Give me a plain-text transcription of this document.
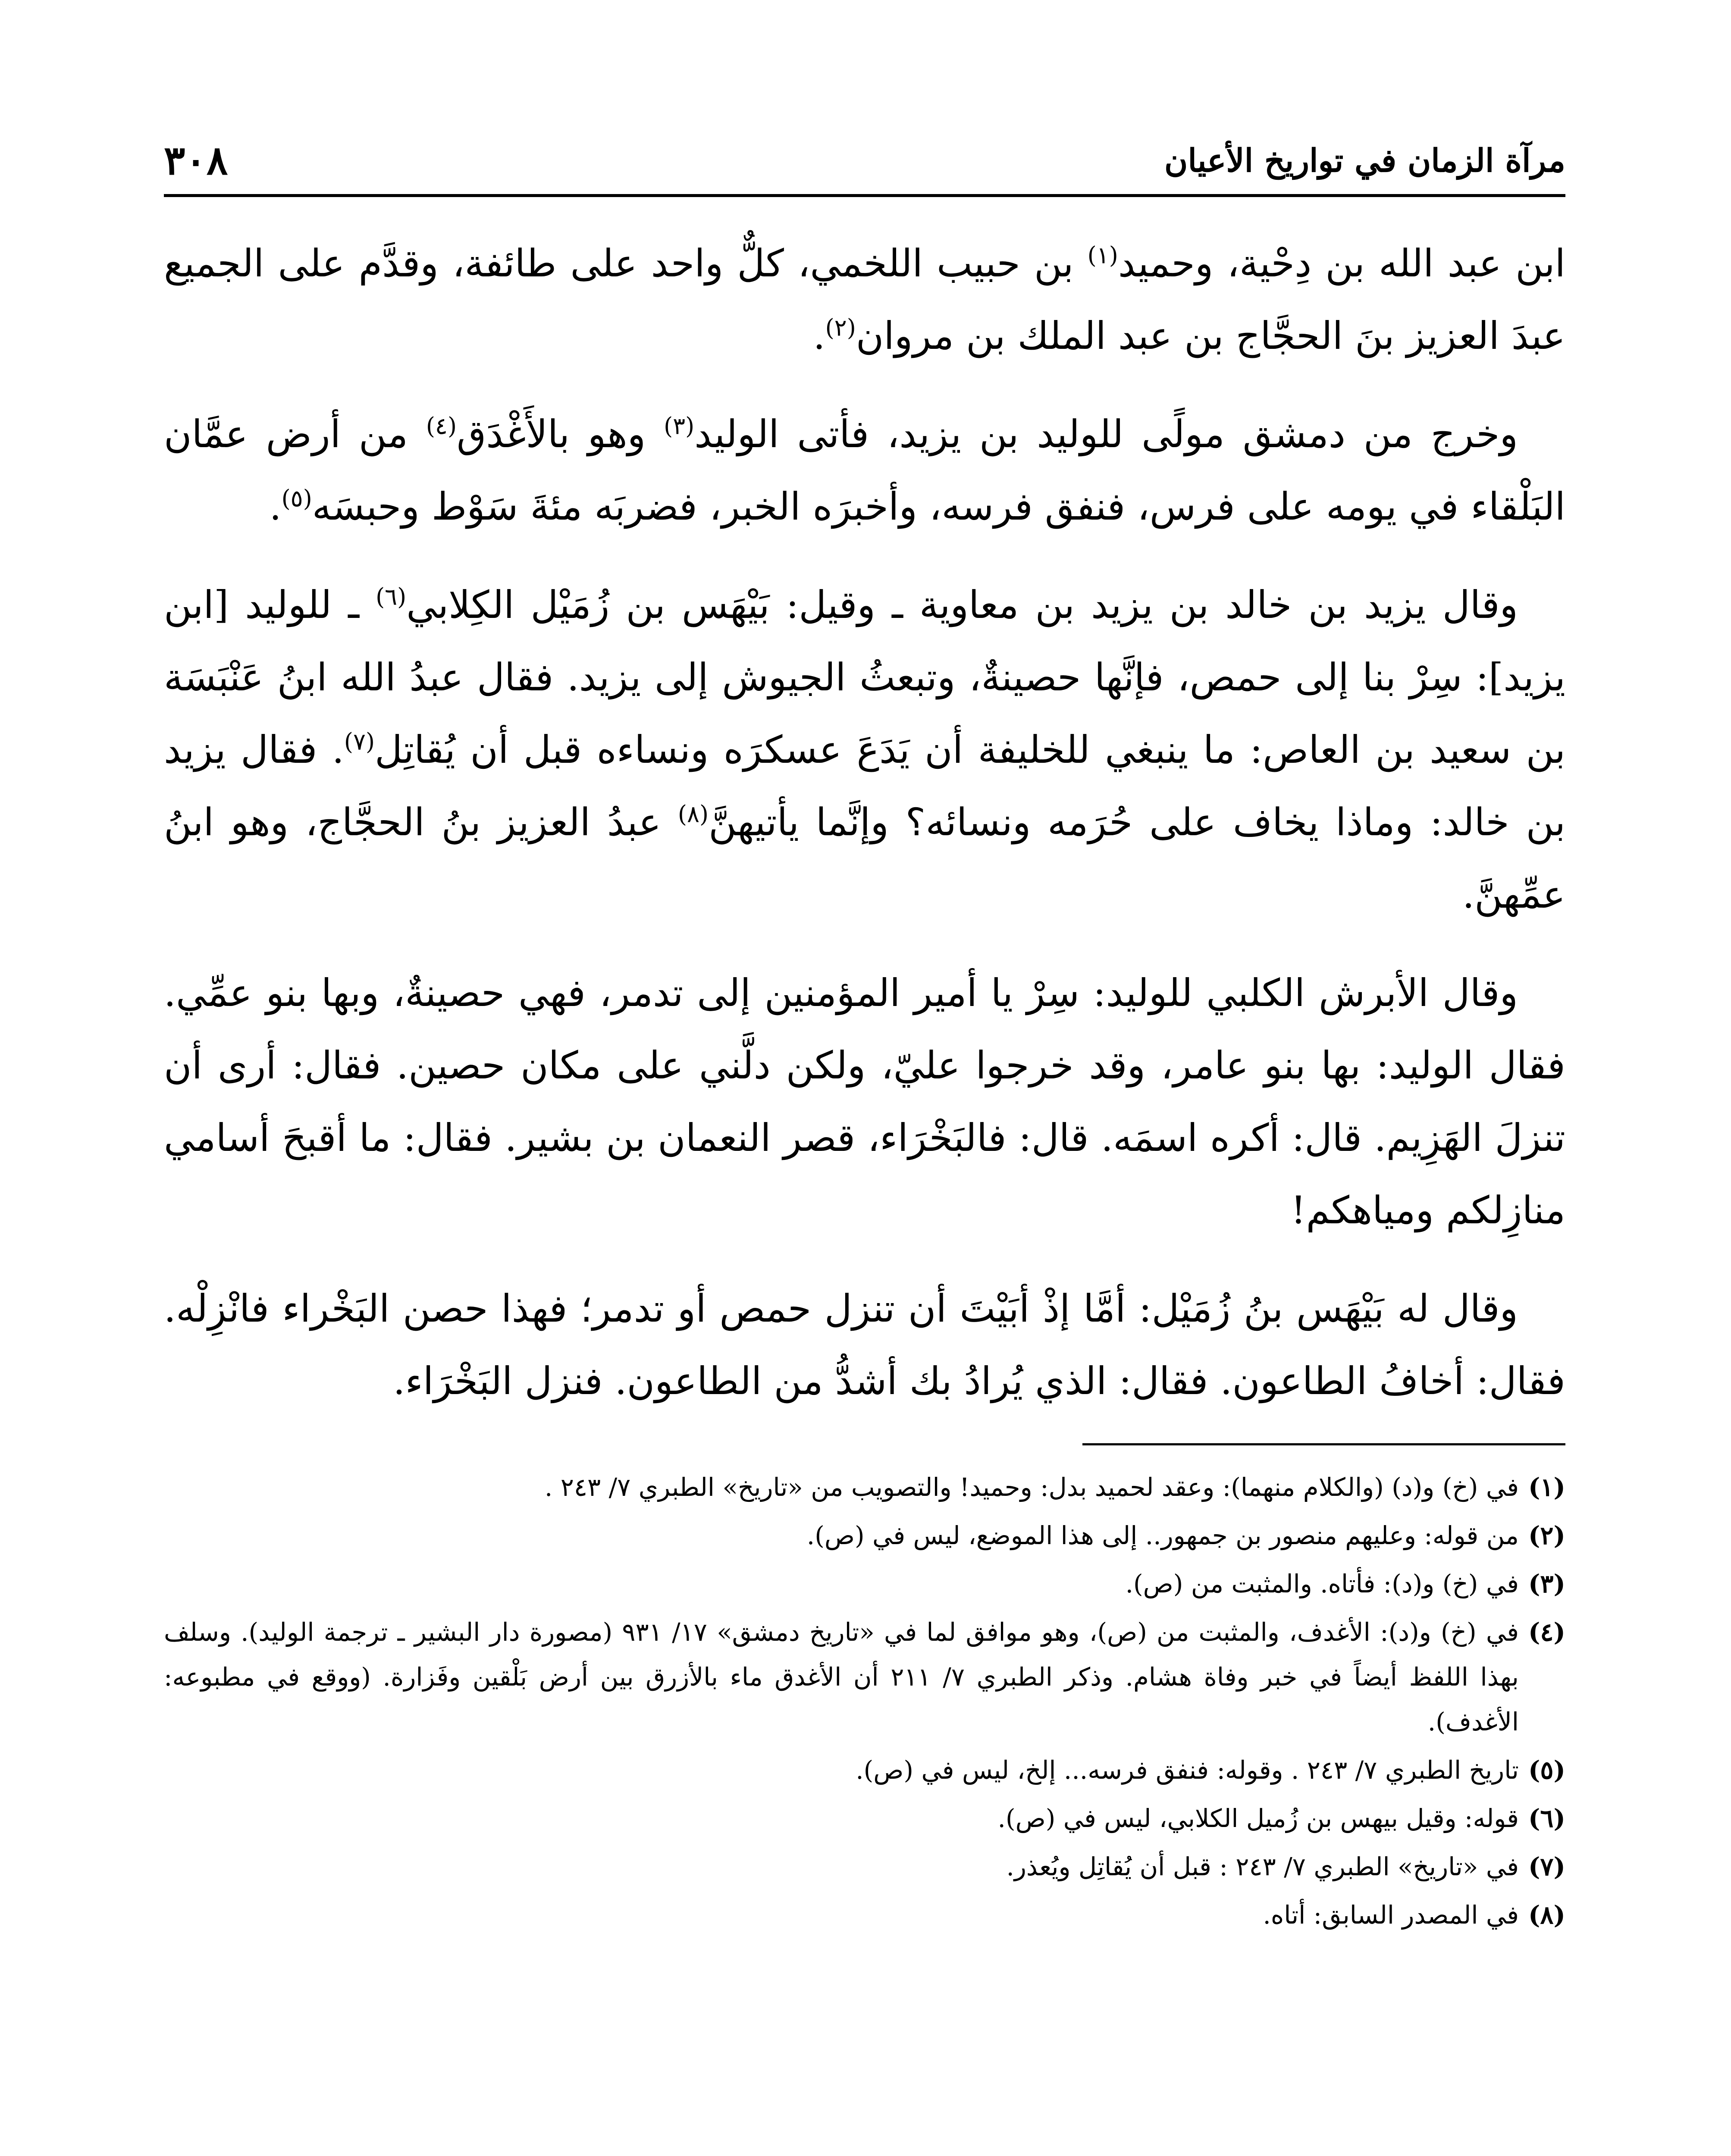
مرآة الزمان في تواريخ الأعيان
٣٠٨

ابن عبد الله بن دِحْية، وحميد$^{(١)}$ بن حبيب اللخمي، كلٌّ واحد على طائفة، وقدَّم على الجميع عبدَ العزيز بنَ الحجَّاج بن عبد الملك بن مروان$^{(٢)}$.

وخرج من دمشق مولًى للوليد بن يزيد، فأتى الوليد$^{(٣)}$ وهو بالأَغْدَق$^{(٤)}$ من أرض عمَّان البَلْقاء في يومه على فرس، فنفق فرسه، وأخبرَه الخبر، فضربَه مئةَ سَوْط وحبسَه$^{(٥)}$.

وقال يزيد بن خالد بن يزيد بن معاوية ـ وقيل: بَيْهَس بن زُمَيْل الكِلابي$^{(٦)}$ ـ للوليد [ابن يزيد]: سِرْ بنا إلى حمص، فإنَّها حصينةٌ، وتبعثُ الجيوش إلى يزيد. فقال عبدُ الله ابنُ عَنْبَسَة بن سعيد بن العاص: ما ينبغي للخليفة أن يَدَعَ عسكرَه ونساءه قبل أن يُقاتِل$^{(٧)}$. فقال يزيد بن خالد: وماذا يخاف على حُرَمه ونسائه؟ وإنَّما يأتيهنَّ$^{(٨)}$ عبدُ العزيز بنُ الحجَّاج، وهو ابنُ عمِّهنَّ.

وقال الأبرش الكلبي للوليد: سِرْ يا أمير المؤمنين إلى تدمر، فهي حصينةٌ، وبها بنو عمِّي. فقال الوليد: بها بنو عامر، وقد خرجوا عليّ، ولكن دلَّني على مكان حصين. فقال: أرى أن تنزلَ الهَزِيم. قال: أكره اسمَه. قال: فالبَخْرَاء، قصر النعمان بن بشير. فقال: ما أقبحَ أسامي منازِلكم ومياهكم!

وقال له بَيْهَس بنُ زُمَيْل: أمَّا إذْ أبَيْتَ أن تنزل حمص أو تدمر؛ فهذا حصن البَخْراء فانْزِلْه. فقال: أخافُ الطاعون. فقال: الذي يُرادُ بك أشدُّ من الطاعون. فنزل البَخْرَاء.

(١)
في (خ) و(د) (والكلام منهما): وعقد لحميد بدل: وحميد! والتصويب من «تاريخ» الطبري ٧/ ٢٤٣ .
(٢)
من قوله: وعليهم منصور بن جمهور.. إلى هذا الموضع، ليس في (ص).
(٣)
في (خ) و(د): فأتاه. والمثبت من (ص).
(٤)
في (خ) و(د): الأغدف، والمثبت من (ص)، وهو موافق لما في «تاريخ دمشق» ١٧/ ٩٣١ (مصورة دار البشير ـ ترجمة الوليد). وسلف بهذا اللفظ أيضاً في خبر وفاة هشام. وذكر الطبري ٧/ ٢١١ أن الأغدق ماء بالأزرق بين أرض بَلْقين وفَزارة. (ووقع في مطبوعه: الأغدف).
(٥)
تاريخ الطبري ٧/ ٢٤٣ . وقوله: فنفق فرسه... إلخ، ليس في (ص).
(٦)
قوله: وقيل بيهس بن زُميل الكلابي، ليس في (ص).
(٧)
في «تاريخ» الطبري ٧/ ٢٤٣ : قبل أن يُقاتِل ويُعذر.
(٨)
في المصدر السابق: أتاه.
